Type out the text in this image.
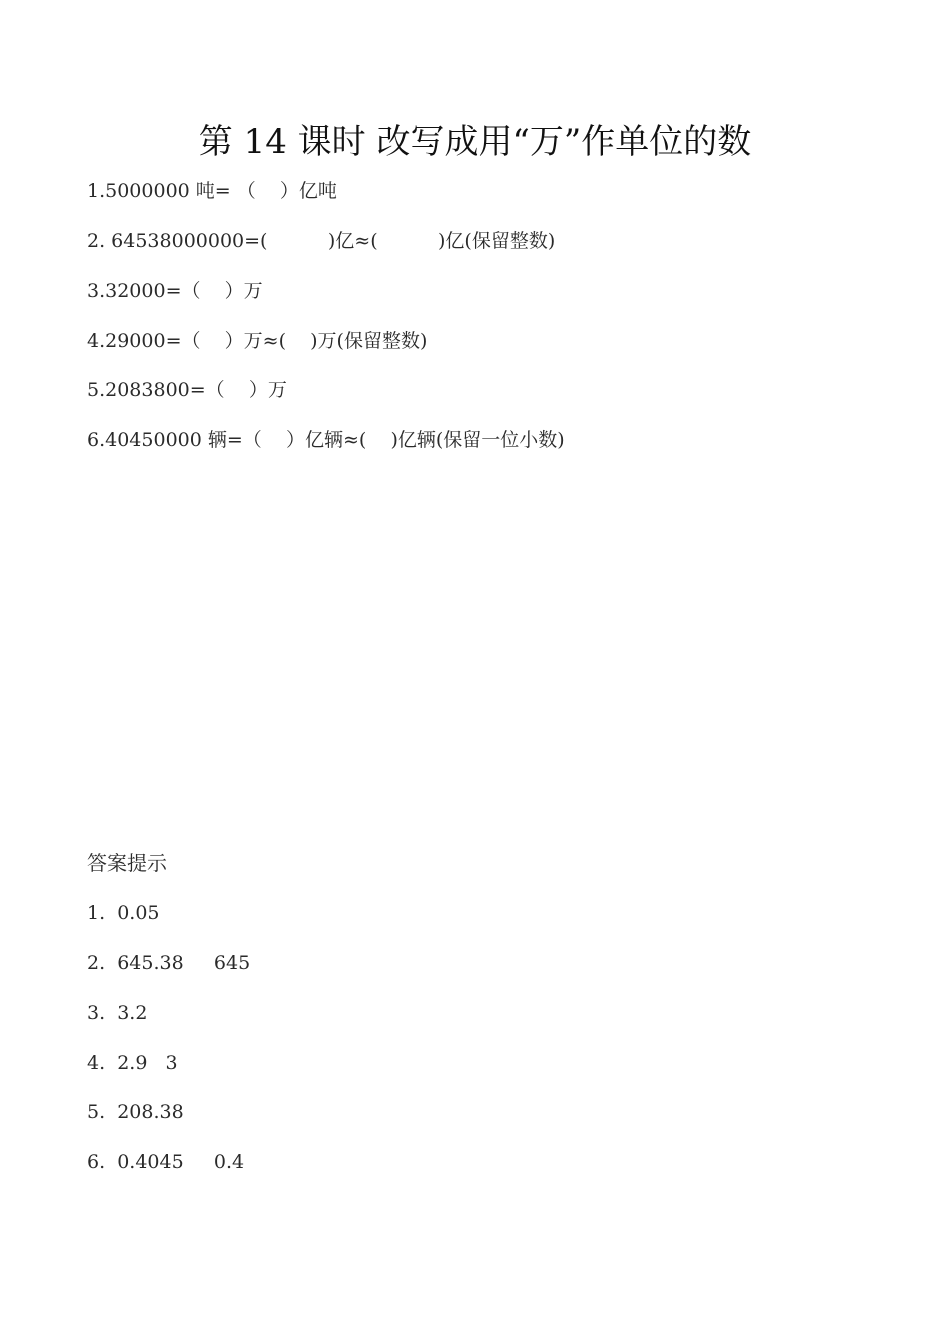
第 14 课时 改写成用“万”作单位的数
1.5000000 吨= （    ）亿吨
2. 64538000000=(          )亿≈(          )亿(保留整数)
3.32000=（    ）万
4.29000=（    ）万≈(    )万(保留整数)
5.2083800=（    ）万
6.40450000 辆=（    ）亿辆≈(    )亿辆(保留一位小数)
答案提示
1.  0.05
2.  645.38     645
3.  3.2
4.  2.9   3
5.  208.38
6.  0.4045     0.4
